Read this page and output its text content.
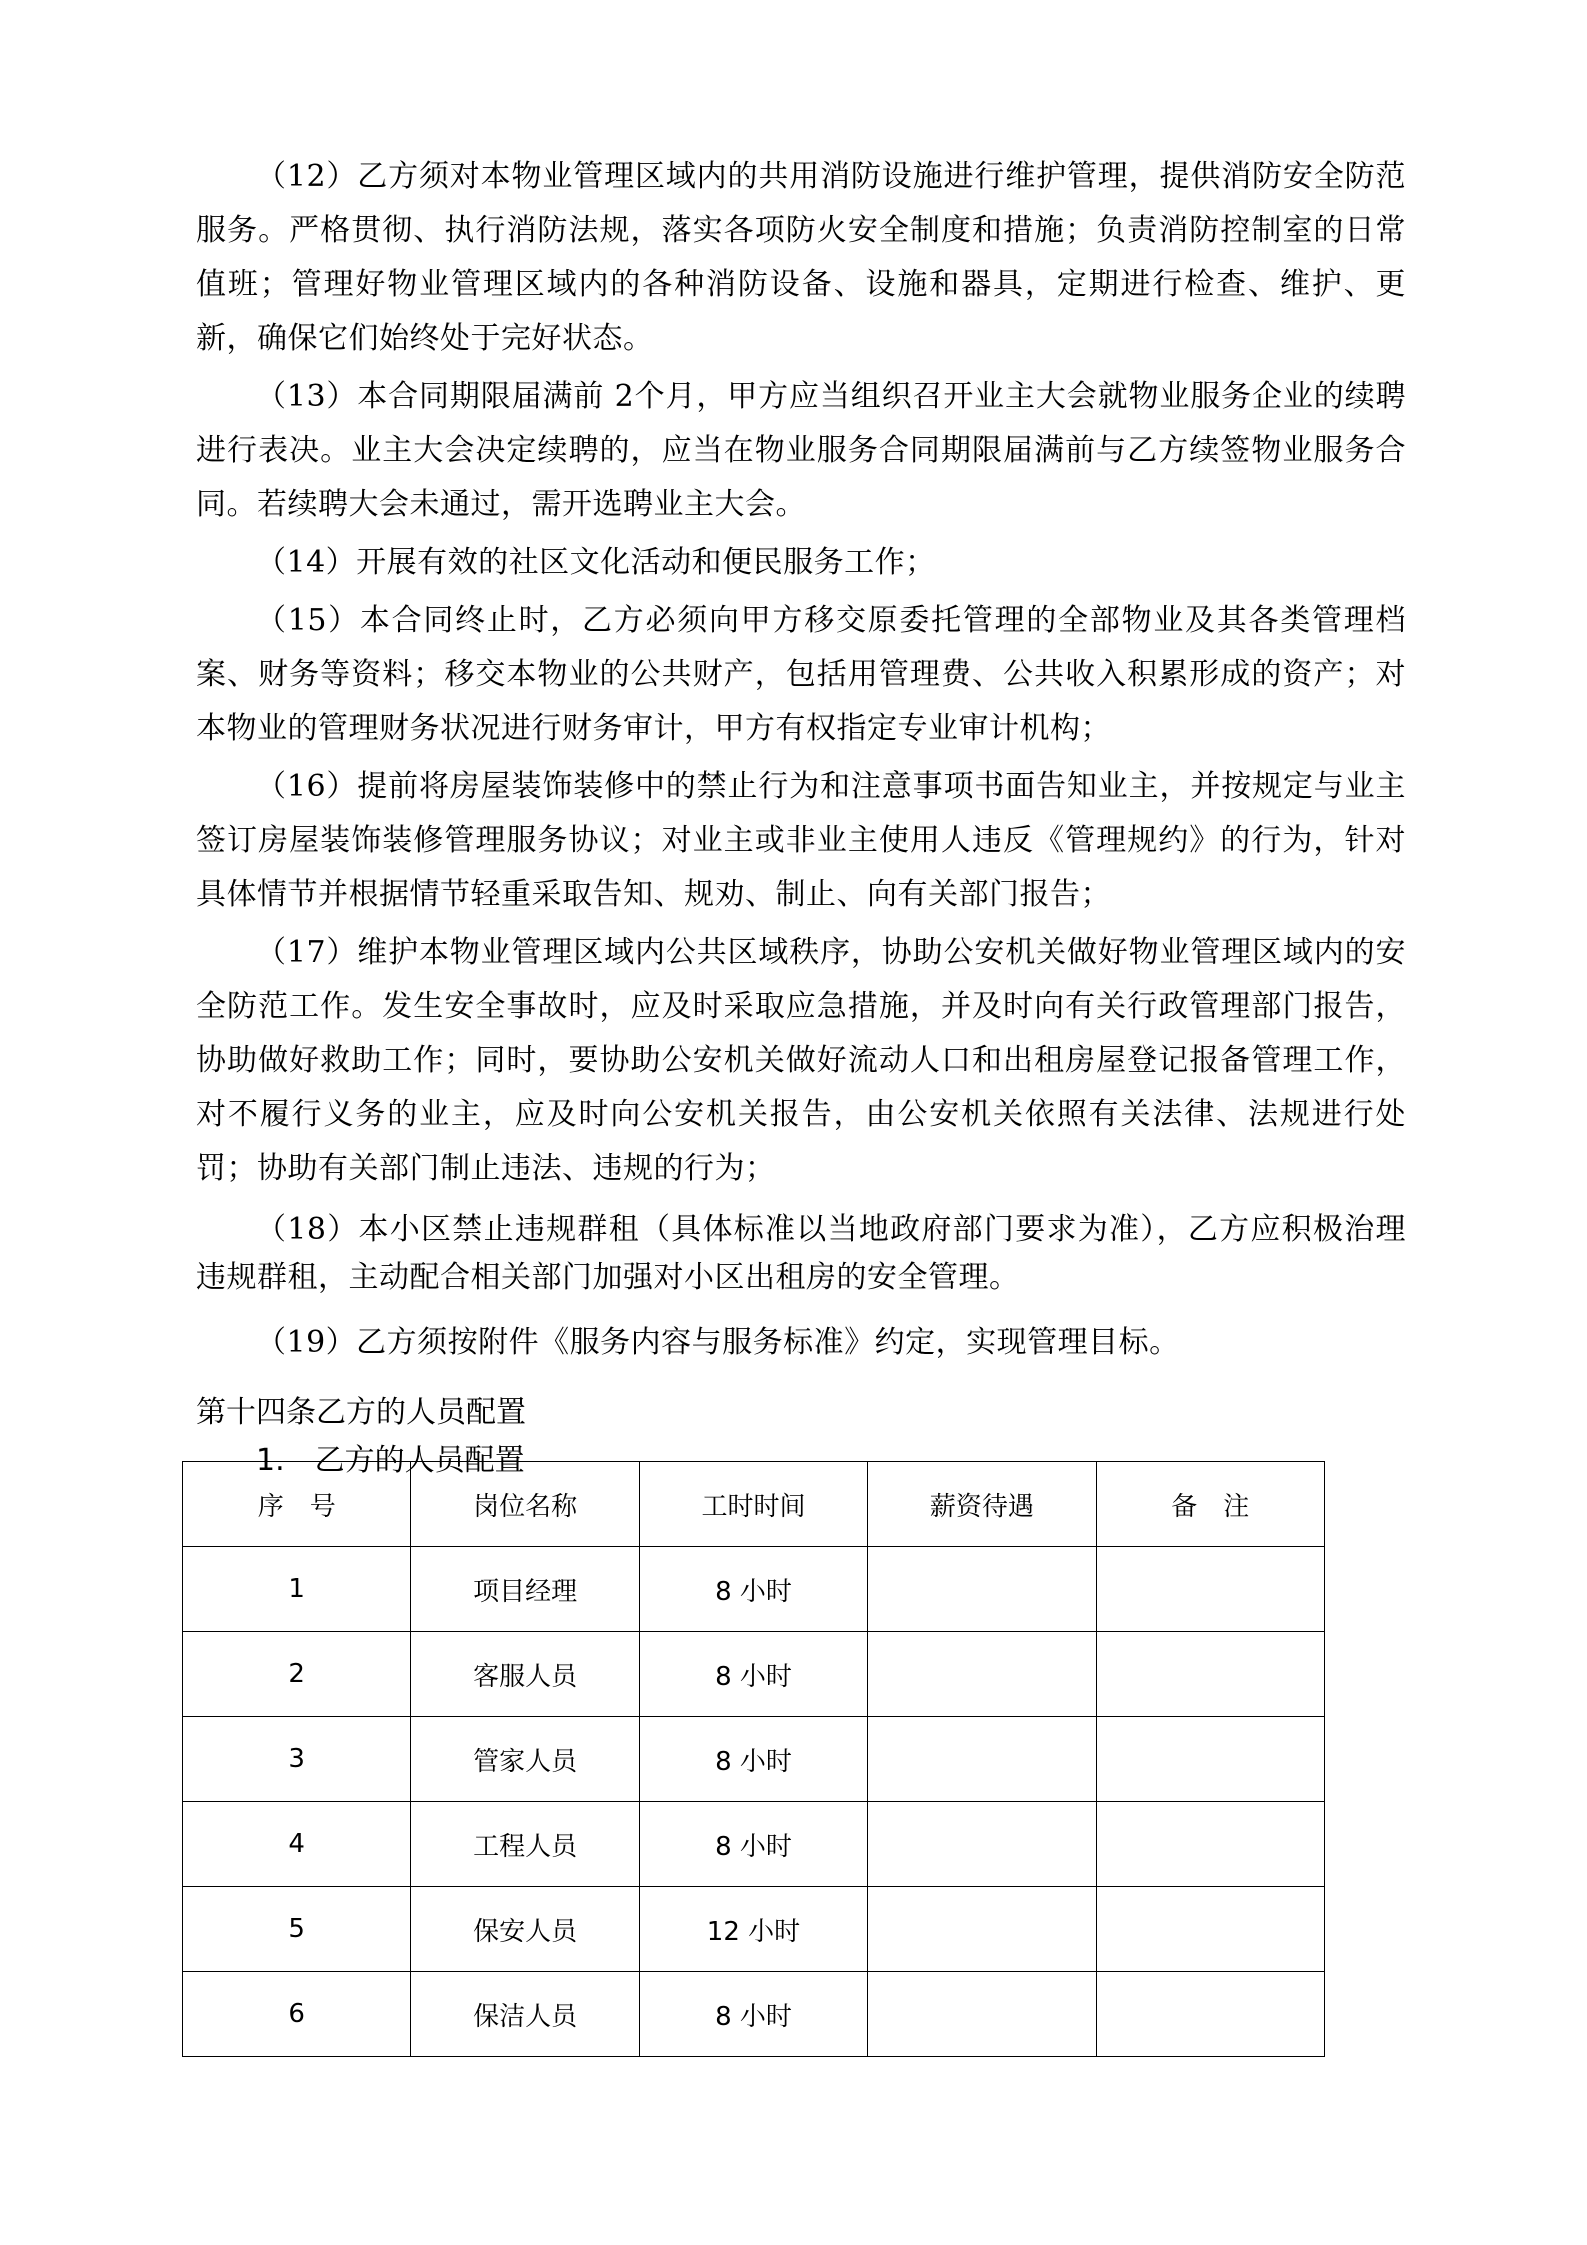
（12）乙方须对本物业管理区域内的共用消防设施进行维护管理，提供消防安全防范服务。严格贯彻、执行消防法规，落实各项防火安全制度和措施；负责消防控制室的日常值班；管理好物业管理区域内的各种消防设备、设施和器具，定期进行检查、维护、更新，确保它们始终处于完好状态。

（13）本合同期限届满前 2个月，甲方应当组织召开业主大会就物业服务企业的续聘进行表决。业主大会决定续聘的，应当在物业服务合同期限届满前与乙方续签物业服务合同。若续聘大会未通过，需开选聘业主大会。

（14）开展有效的社区文化活动和便民服务工作；

（15）本合同终止时，乙方必须向甲方移交原委托管理的全部物业及其各类管理档案、财务等资料；移交本物业的公共财产，包括用管理费、公共收入积累形成的资产；对本物业的管理财务状况进行财务审计，甲方有权指定专业审计机构；

（16）提前将房屋装饰装修中的禁止行为和注意事项书面告知业主，并按规定与业主签订房屋装饰装修管理服务协议；对业主或非业主使用人违反《管理规约》的行为，针对具体情节并根据情节轻重采取告知、规劝、制止、向有关部门报告；

（17）维护本物业管理区域内公共区域秩序，协助公安机关做好物业管理区域内的安全防范工作。发生安全事故时，应及时采取应急措施，并及时向有关行政管理部门报告，协助做好救助工作；同时，要协助公安机关做好流动人口和出租房屋登记报备管理工作，对不履行义务的业主，应及时向公安机关报告，由公安机关依照有关法律、法规进行处罚；协助有关部门制止违法、违规的行为；

（18）本小区禁止违规群租（具体标准以当地政府部门要求为准），乙方应积极治理违规群租，主动配合相关部门加强对小区出租房的安全管理。

（19）乙方须按附件《服务内容与服务标准》约定，实现管理目标。

第十四条乙方的人员配置
1.　乙方的人员配置
序　号	岗位名称	工时时间	薪资待遇	备　注
1	项目经理	8 小时		
2	客服人员	8 小时		
3	管家人员	8 小时		
4	工程人员	8 小时		
5	保安人员	12 小时		
6	保洁人员	8 小时		
